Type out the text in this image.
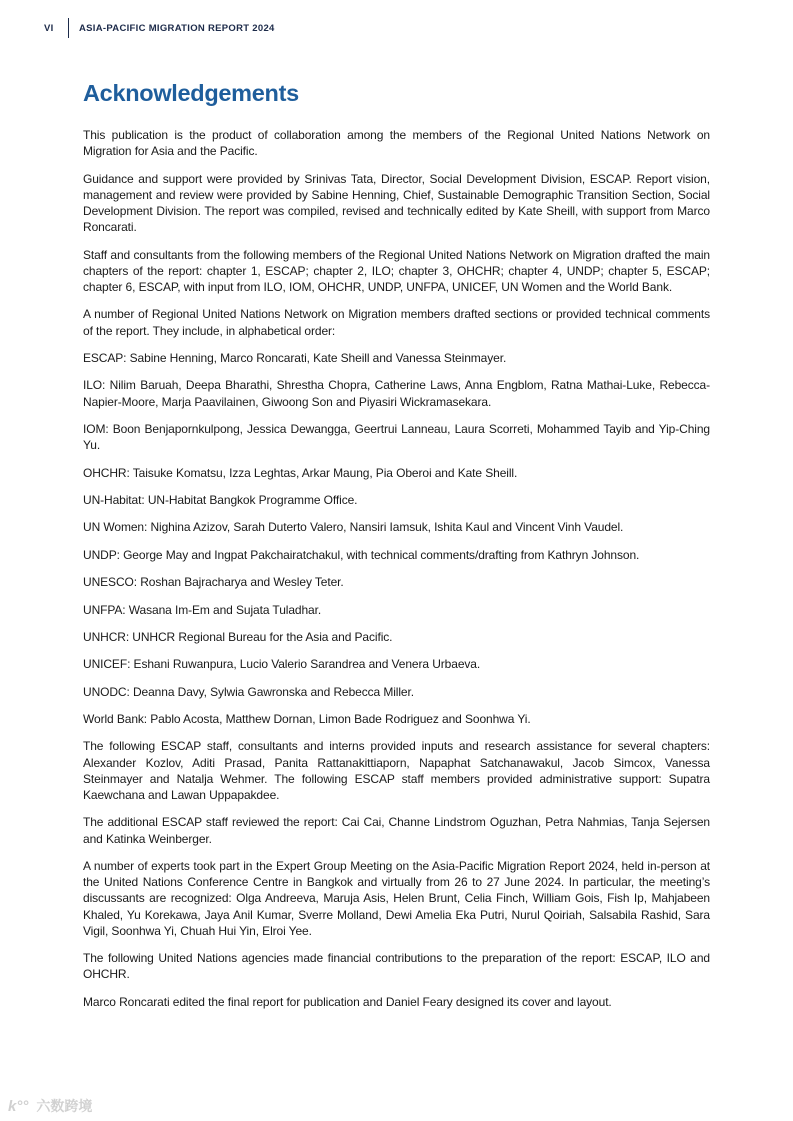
VI	ASIA-PACIFIC MIGRATION REPORT 2024
Acknowledgements

This publication is the product of collaboration among the members of the Regional United Nations Network on Migration for Asia and the Pacific.

Guidance and support were provided by Srinivas Tata, Director, Social Development Division, ESCAP. Report vision, management and review were provided by Sabine Henning, Chief, Sustainable Demographic Transition Section, Social Development Division. The report was compiled, revised and technically edited by Kate Sheill, with support from Marco Roncarati.

Staff and consultants from the following members of the Regional United Nations Network on Migration drafted the main chapters of the report: chapter 1, ESCAP; chapter 2, ILO; chapter 3, OHCHR; chapter 4, UNDP; chapter 5, ESCAP; chapter 6, ESCAP, with input from ILO, IOM, OHCHR, UNDP, UNFPA, UNICEF, UN Women and the World Bank.

A number of Regional United Nations Network on Migration members drafted sections or provided technical comments of the report. They include, in alphabetical order:

ESCAP: Sabine Henning, Marco Roncarati, Kate Sheill and Vanessa Steinmayer.

ILO: Nilim Baruah, Deepa Bharathi, Shrestha Chopra, Catherine Laws, Anna Engblom, Ratna Mathai-Luke, Rebecca-Napier-Moore, Marja Paavilainen, Giwoong Son and Piyasiri Wickramasekara.

IOM: Boon Benjapornkulpong, Jessica Dewangga, Geertrui Lanneau, Laura Scorreti, Mohammed Tayib and Yip-Ching Yu.

OHCHR: Taisuke Komatsu, Izza Leghtas, Arkar Maung, Pia Oberoi and Kate Sheill.

UN-Habitat: UN-Habitat Bangkok Programme Office.

UN Women: Nighina Azizov, Sarah Duterto Valero, Nansiri Iamsuk, Ishita Kaul and Vincent Vinh Vaudel.

UNDP: George May and Ingpat Pakchairatchakul, with technical comments/drafting from Kathryn Johnson.

UNESCO: Roshan Bajracharya and Wesley Teter.

UNFPA: Wasana Im-Em and Sujata Tuladhar.

UNHCR: UNHCR Regional Bureau for the Asia and Pacific.

UNICEF: Eshani Ruwanpura, Lucio Valerio Sarandrea and Venera Urbaeva.

UNODC: Deanna Davy, Sylwia Gawronska and Rebecca Miller.

World Bank: Pablo Acosta, Matthew Dornan, Limon Bade Rodriguez and Soonhwa Yi.

The following ESCAP staff, consultants and interns provided inputs and research assistance for several chapters: Alexander Kozlov, Aditi Prasad, Panita Rattanakittiaporn, Napaphat Satchanawakul, Jacob Simcox, Vanessa Steinmayer and Natalja Wehmer. The following ESCAP staff members provided administrative support: Supatra Kaewchana and Lawan Uppapakdee.

The additional ESCAP staff reviewed the report: Cai Cai, Channe Lindstrom Oguzhan, Petra Nahmias, Tanja Sejersen and Katinka Weinberger.

A number of experts took part in the Expert Group Meeting on the Asia-Pacific Migration Report 2024, held in-person at the United Nations Conference Centre in Bangkok and virtually from 26 to 27 June 2024. In particular, the meeting’s discussants are recognized: Olga Andreeva, Maruja Asis, Helen Brunt, Celia Finch, William Gois, Fish Ip, Mahjabeen Khaled, Yu Korekawa, Jaya Anil Kumar, Sverre Molland, Dewi Amelia Eka Putri, Nurul Qoiriah, Salsabila Rashid, Sara Vigil, Soonhwa Yi, Chuah Hui Yin, Elroi Yee.

The following United Nations agencies made financial contributions to the preparation of the report: ESCAP, ILO and OHCHR.

Marco Roncarati edited the final report for publication and Daniel Feary designed its cover and layout.

k°° 六数跨境
